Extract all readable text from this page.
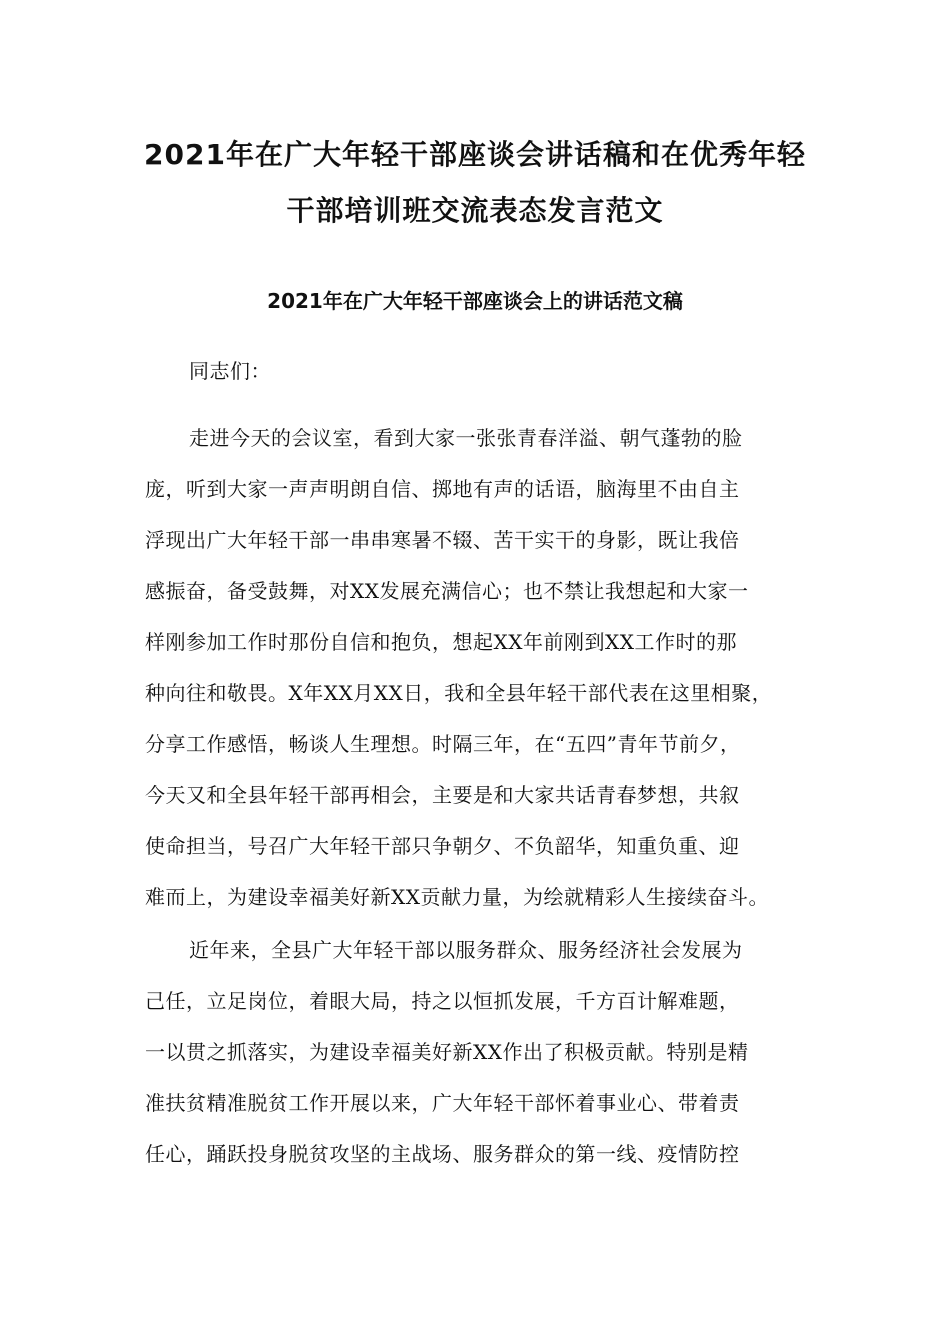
2021年在广大年轻干部座谈会讲话稿和在优秀年轻
干部培训班交流表态发言范文
2021年在广大年轻干部座谈会上的讲话范文稿
同志们：
走进今天的会议室，看到大家一张张青春洋溢、朝气蓬勃的脸
庞，听到大家一声声明朗自信、掷地有声的话语，脑海里不由自主
浮现出广大年轻干部一串串寒暑不辍、苦干实干的身影，既让我倍
感振奋，备受鼓舞，对XX发展充满信心；也不禁让我想起和大家一
样刚参加工作时那份自信和抱负，想起XX年前刚到XX工作时的那
种向往和敬畏。X年XX月XX日，我和全县年轻干部代表在这里相聚，
分享工作感悟，畅谈人生理想。时隔三年，在“五四”青年节前夕，
今天又和全县年轻干部再相会，主要是和大家共话青春梦想，共叙
使命担当，号召广大年轻干部只争朝夕、不负韶华，知重负重、迎
难而上，为建设幸福美好新XX贡献力量，为绘就精彩人生接续奋斗。
近年来，全县广大年轻干部以服务群众、服务经济社会发展为
己任，立足岗位，着眼大局，持之以恒抓发展，千方百计解难题，
一以贯之抓落实，为建设幸福美好新XX作出了积极贡献。特别是精
准扶贫精准脱贫工作开展以来，广大年轻干部怀着事业心、带着责
任心，踊跃投身脱贫攻坚的主战场、服务群众的第一线、疫情防控
